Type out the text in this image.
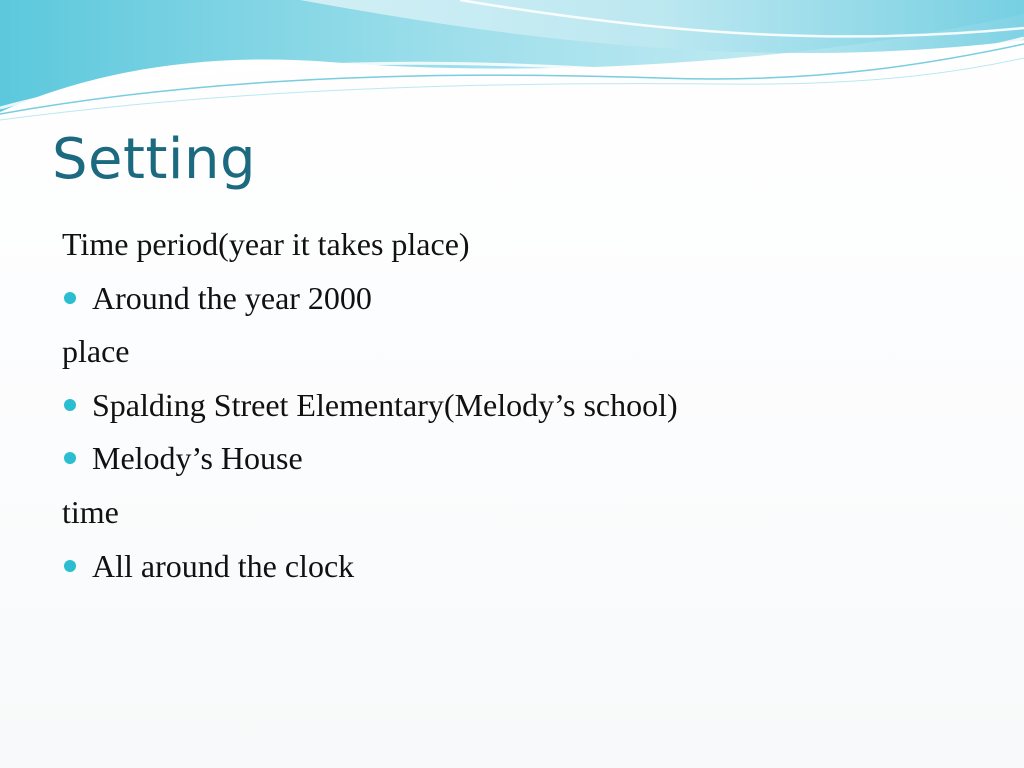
Setting
Time period(year it takes place)
Around the year 2000
place
Spalding Street Elementary(Melody’s school)
Melody’s House
time
All around the clock
